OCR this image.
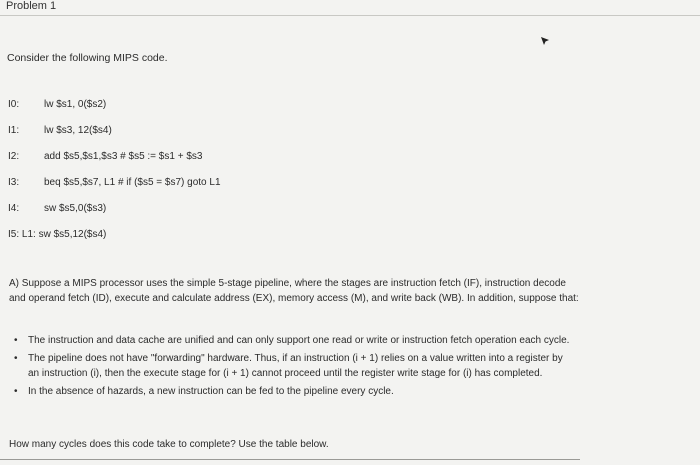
Problem 1
Consider the following MIPS code.
I0:	lw $s1, 0($s2)
I1:	lw $s3, 12($s4)
I2:	add $s5,$s1,$s3 # $s5 := $s1 + $s3
I3:	beq $s5,$s7, L1 # if ($s5 = $s7) goto L1
I4:	sw $s5,0($s3)
I5: L1: sw $s5,12($s4)
A) Suppose a MIPS processor uses the simple 5-stage pipeline, where the stages are instruction fetch (IF), instruction decode and operand fetch (ID), execute and calculate address (EX), memory access (M), and write back (WB). In addition, suppose that:
• The instruction and data cache are unified and can only support one read or write or instruction fetch operation each cycle.
• The pipeline does not have "forwarding" hardware. Thus, if an instruction (i + 1) relies on a value written into a register by an instruction (i), then the execute stage for (i + 1) cannot proceed until the register write stage for (i) has completed.
• In the absence of hazards, a new instruction can be fed to the pipeline every cycle.
How many cycles does this code take to complete? Use the table below.
